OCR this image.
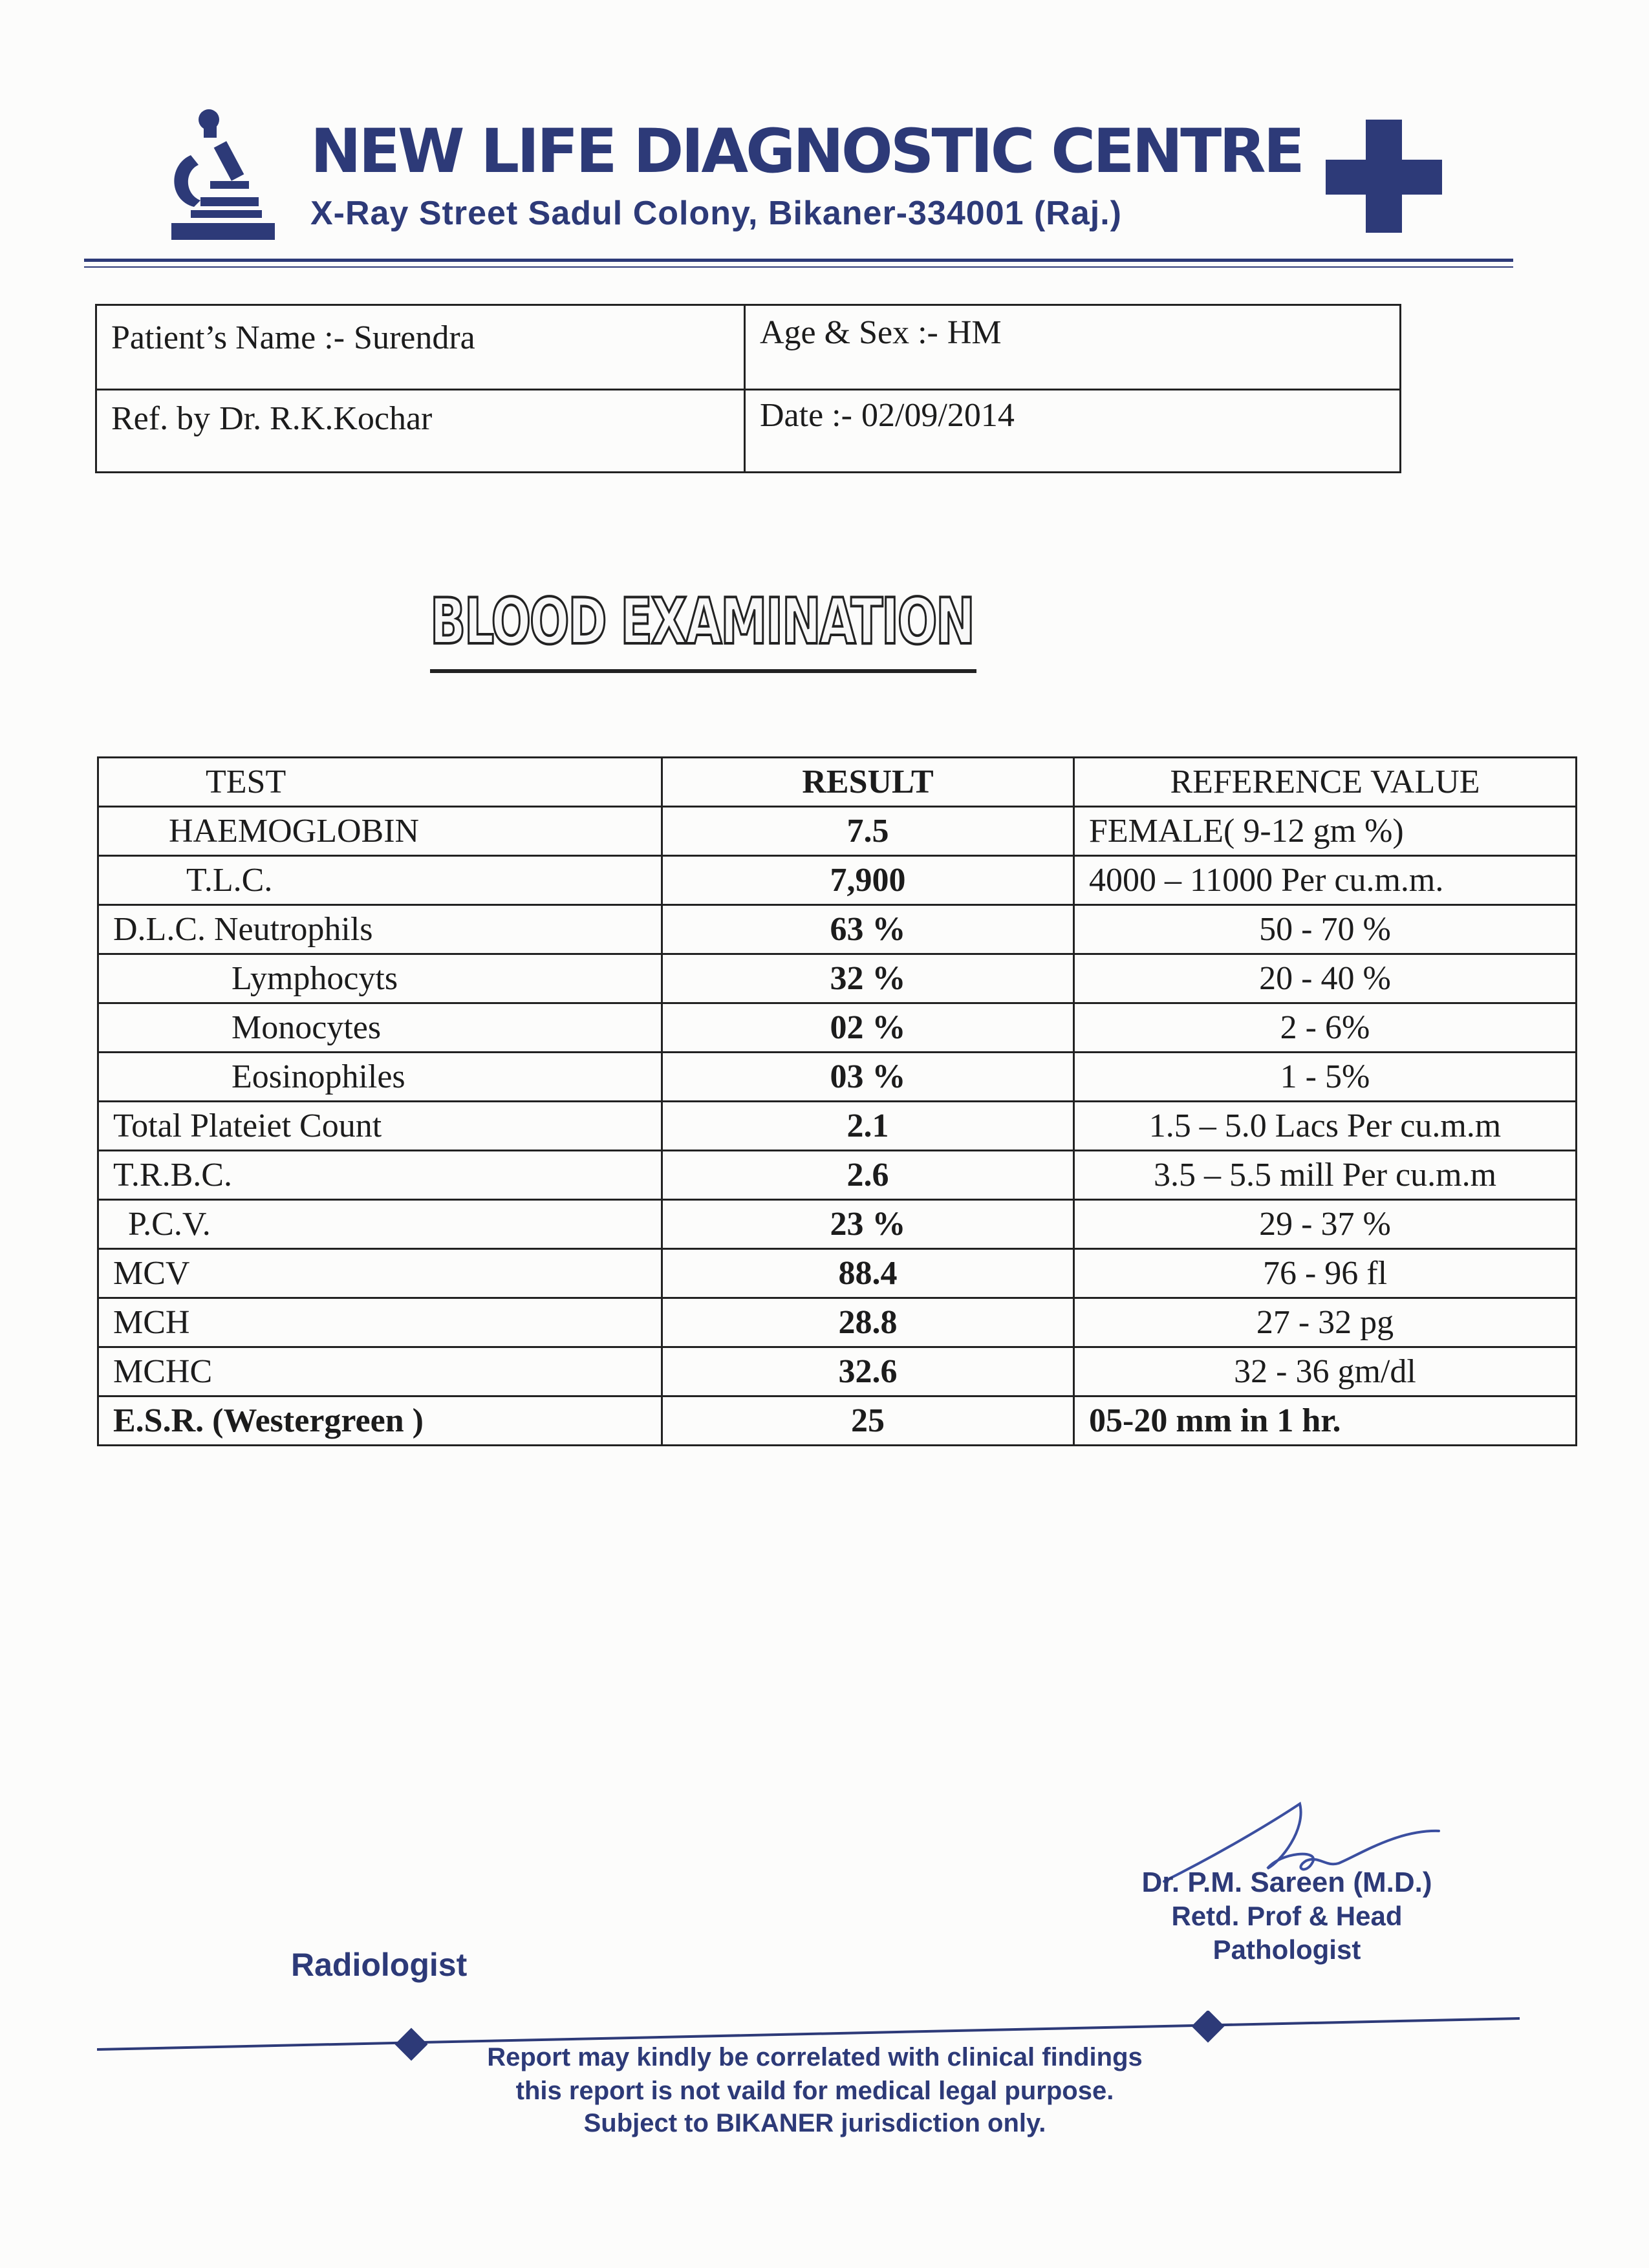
NEW LIFE DIAGNOSTIC CENTRE
X-Ray Street Sadul Colony, Bikaner-334001 (Raj.)
Patient’s Name :- Surendra	Age & Sex :- HM
Ref. by Dr. R.K.Kochar	Date :- 02/09/2014
BLOOD EXAMINATION
TEST	RESULT	REFERENCE VALUE
HAEMOGLOBIN	7.5	FEMALE( 9-12 gm %)
T.L.C.	7,900	4000 – 11000 Per cu.m.m.
D.L.C. Neutrophils	63 %	50 - 70 %
Lymphocyts	32 %	20 - 40 %
Monocytes	02 %	2 - 6%
Eosinophiles	03 %	1 - 5%
Total Plateiet Count	2.1	1.5 – 5.0 Lacs Per cu.m.m
T.R.B.C.	2.6	3.5 – 5.5 mill Per cu.m.m
P.C.V.	23 %	29 - 37 %
MCV	88.4	76 - 96 fl
MCH	28.8	27 - 32 pg
MCHC	32.6	32 - 36 gm/dl
E.S.R. (Westergreen )	25	05-20 mm in 1 hr.
Dr. P.M. Sareen (M.D.)
Retd. Prof & Head
Pathologist
Radiologist
Report may kindly be correlated with clinical findings
this report is not vaild for medical legal purpose.
Subject to BIKANER jurisdiction only.
